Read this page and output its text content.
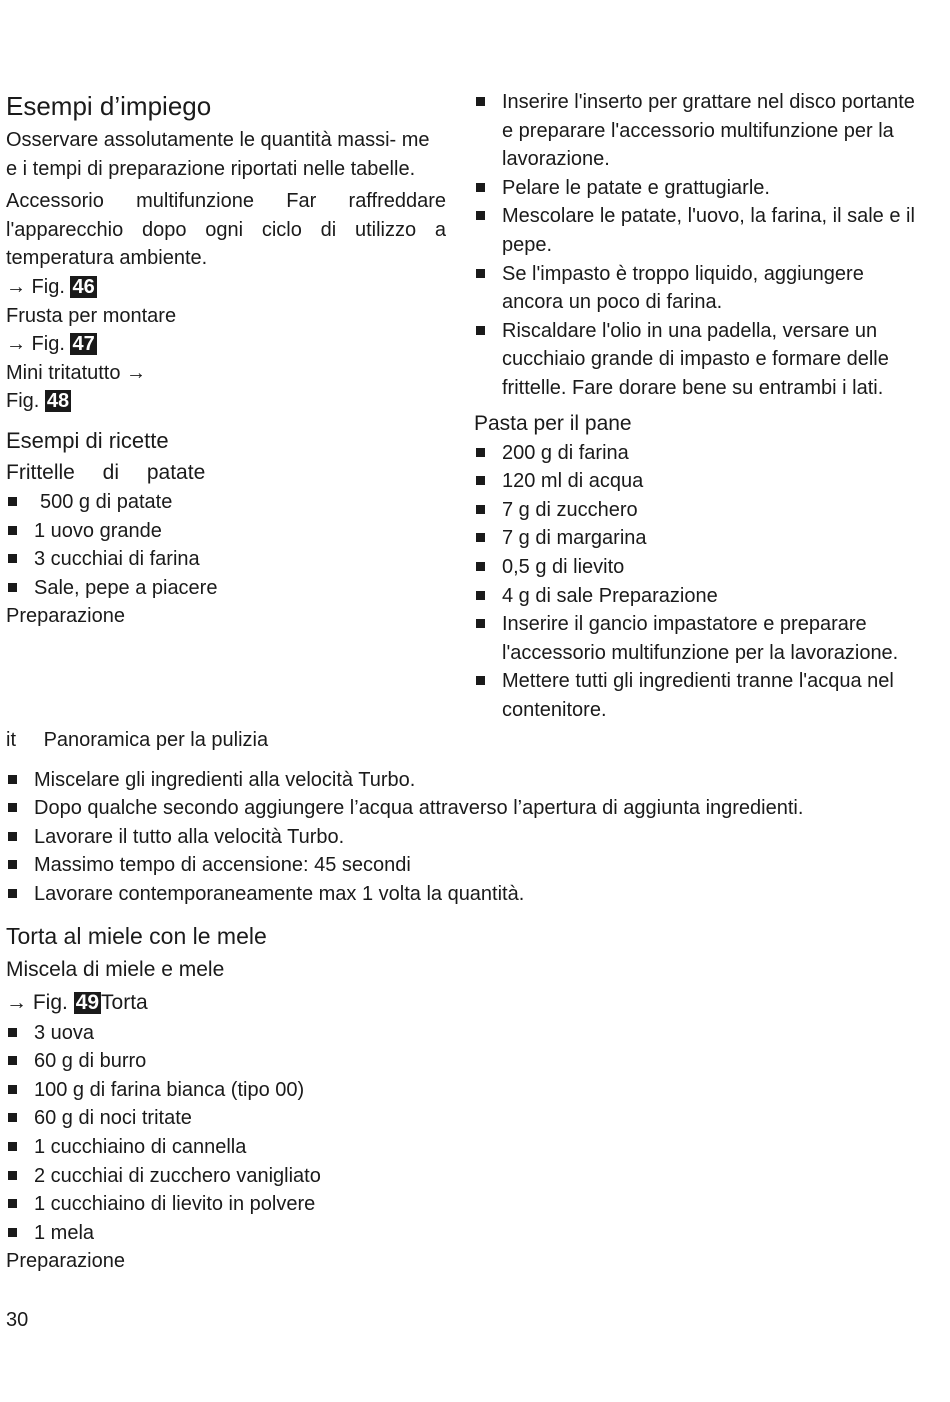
Esempi d’impiego

Osservare assolutamente le quantità massi- me e i tempi di preparazione riportati nelle tabelle.

Accessorio multifunzione Far raffreddare l'apparecchio dopo ogni ciclo di utilizzo a temperatura ambiente.

→ Fig. 46

Frusta per montare

→ Fig. 47

Mini tritatutto →

Fig. 48

Esempi di ricette

Frittelle di patate

500 g di patate
1 uovo grande
3 cucchiai di farina
Sale, pepe a piacere

Preparazione

Inserire l'inserto per grattare nel disco portante e preparare l'accessorio multifunzione per la lavorazione.
Pelare le patate e grattugiarle.
Mescolare le patate, l'uovo, la farina, il sale e il pepe.
Se l'impasto è troppo liquido, aggiungere ancora un poco di farina.
Riscaldare l'olio in una padella, versare un cucchiaio grande di impasto e formare delle frittelle. Fare dorare bene su entrambi i lati.

Pasta per il pane

200 g di farina
120 ml di acqua
7 g di zucchero
7 g di margarina
0,5 g di lievito
4 g di sale Preparazione
Inserire il gancio impastatore e preparare l'accessorio multifunzione per la lavorazione.
Mettere tutti gli ingredienti tranne l'acqua nel contenitore.

it Panoramica per la pulizia

Miscelare gli ingredienti alla velocità Turbo.
Dopo qualche secondo aggiungere l’acqua attraverso l’apertura di aggiunta ingredienti.
Lavorare il tutto alla velocità Turbo.
Massimo tempo di accensione: 45 secondi
Lavorare contemporaneamente max 1 volta la quantità.

Torta al miele con le mele

Miscela di miele e mele

→ Fig. 49Torta

3 uova
60 g di burro
100 g di farina bianca (tipo 00)
60 g di noci tritate
1 cucchiaino di cannella
2 cucchiai di zucchero vanigliato
1 cucchiaino di lievito in polvere
1 mela

Preparazione

30
